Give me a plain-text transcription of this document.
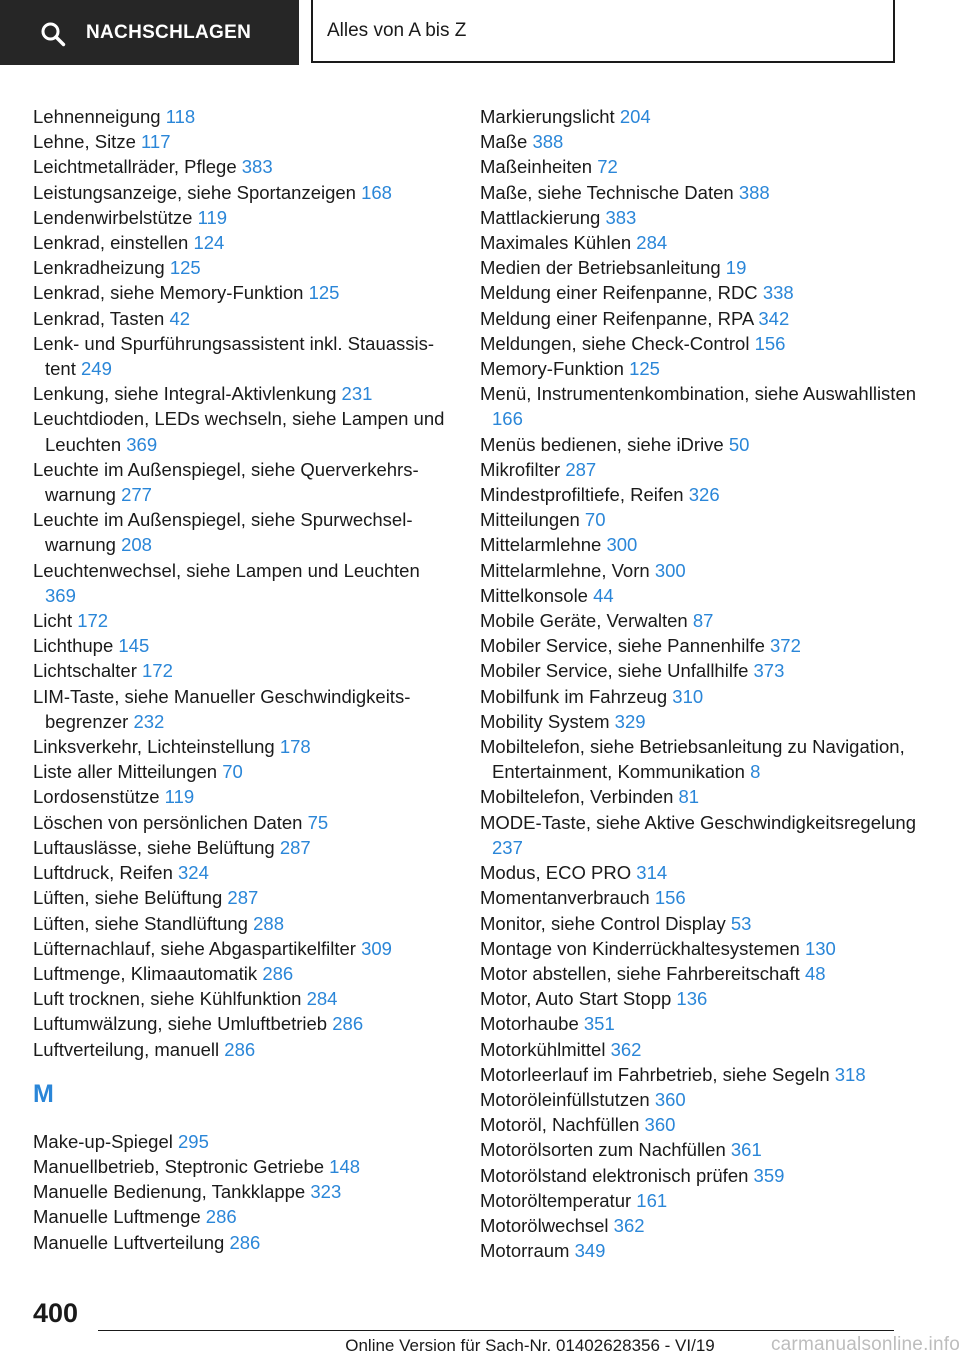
NACHSCHLAGEN	Alles von A bis Z
Lehnenneigung 118
Lehne, Sitze 117
Leichtmetallräder, Pflege 383
Leistungsanzeige, siehe Sportanzeigen 168
Lendenwirbelstütze 119
Lenkrad, einstellen 124
Lenkradheizung 125
Lenkrad, siehe Memory-Funktion 125
Lenkrad, Tasten 42
Lenk- und Spurführungsassistent inkl. Stauassistent 249
Lenkung, siehe Integral-Aktivlenkung 231
Leuchtdioden, LEDs wechseln, siehe Lampen und Leuchten 369
Leuchte im Außenspiegel, siehe Querverkehrswarnung 277
Leuchte im Außenspiegel, siehe Spurwechselwarnung 208
Leuchtenwechsel, siehe Lampen und Leuchten 369
Licht 172
Lichthupe 145
Lichtschalter 172
LIM-Taste, siehe Manueller Geschwindigkeitsbegrenzer 232
Linksverkehr, Lichteinstellung 178
Liste aller Mitteilungen 70
Lordosenstütze 119
Löschen von persönlichen Daten 75
Luftauslässe, siehe Belüftung 287
Luftdruck, Reifen 324
Lüften, siehe Belüftung 287
Lüften, siehe Standlüftung 288
Lüfternachlauf, siehe Abgaspartikelfilter 309
Luftmenge, Klimaautomatik 286
Luft trocknen, siehe Kühlfunktion 284
Luftumwälzung, siehe Umluftbetrieb 286
Luftverteilung, manuell 286
M
Make-up-Spiegel 295
Manuellbetrieb, Steptronic Getriebe 148
Manuelle Bedienung, Tankklappe 323
Manuelle Luftmenge 286
Manuelle Luftverteilung 286
Markierungslicht 204
Maße 388
Maßeinheiten 72
Maße, siehe Technische Daten 388
Mattlackierung 383
Maximales Kühlen 284
Medien der Betriebsanleitung 19
Meldung einer Reifenpanne, RDC 338
Meldung einer Reifenpanne, RPA 342
Meldungen, siehe Check-Control 156
Memory-Funktion 125
Menü, Instrumentenkombination, siehe Auswahllisten 166
Menüs bedienen, siehe iDrive 50
Mikrofilter 287
Mindestprofiltiefe, Reifen 326
Mitteilungen 70
Mittelarmlehne 300
Mittelarmlehne, Vorn 300
Mittelkonsole 44
Mobile Geräte, Verwalten 87
Mobiler Service, siehe Pannenhilfe 372
Mobiler Service, siehe Unfallhilfe 373
Mobilfunk im Fahrzeug 310
Mobility System 329
Mobiltelefon, siehe Betriebsanleitung zu Navigation, Entertainment, Kommunikation 8
Mobiltelefon, Verbinden 81
MODE-Taste, siehe Aktive Geschwindigkeitsregelung 237
Modus, ECO PRO 314
Momentanverbrauch 156
Monitor, siehe Control Display 53
Montage von Kinderrückhaltesystemen 130
Motor abstellen, siehe Fahrbereitschaft 48
Motor, Auto Start Stopp 136
Motorhaube 351
Motorkühlmittel 362
Motorleerlauf im Fahrbetrieb, siehe Segeln 318
Motoröleinfüllstutzen 360
Motoröl, Nachfüllen 360
Motorölsorten zum Nachfüllen 361
Motorölstand elektronisch prüfen 359
Motoröltemperatur 161
Motorölwechsel 362
Motorraum 349
400
Online Version für Sach-Nr. 01402628356 - VI/19	carmanualsonline.info
